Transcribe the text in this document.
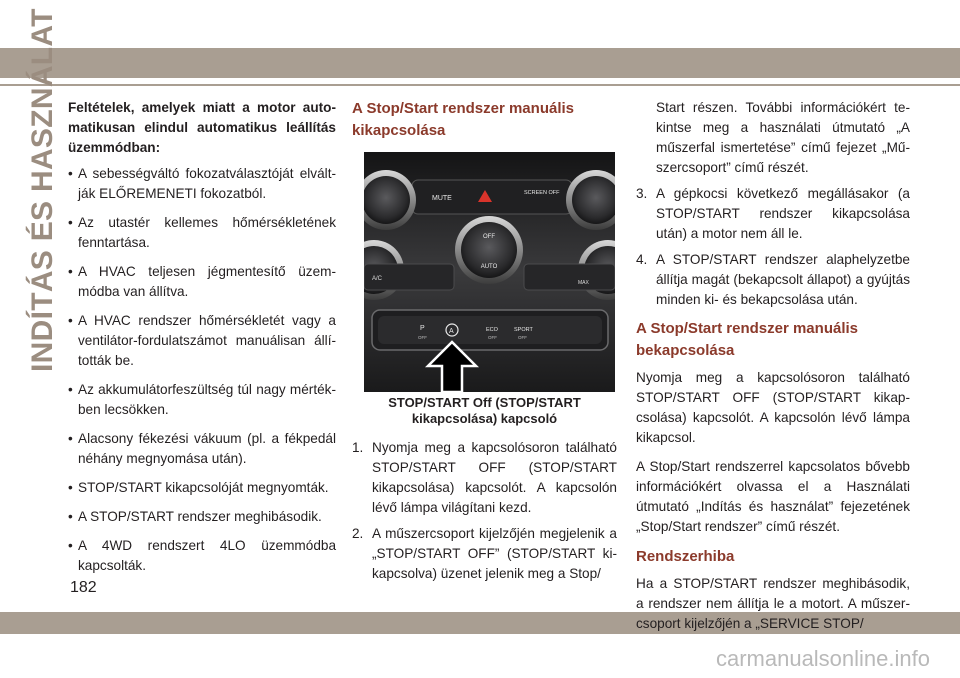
INDÍTÁS ÉS HASZNÁLAT Feltételek, amelyek miatt a motor automatikusan elindul automatikus leállítás üzemmódban:

• A sebességváltó fokozatválasztóját elváltják ELŐREMENETI fokozatból.
• Az utastér kellemes hőmérsékletének fenntartása.
• A HVAC teljesen jégmentesítő üzemmódba van állítva.
• A HVAC rendszer hőmérsékletét vagy a ventilátor-fordulatszámot manuálisan állították be.
• Az akkumulátorfeszültség túl nagy mértékben lecsökken.
• Alacsony fékezési vákuum (pl. a fékpedál néhány megnyomása után).
• STOP/START kikapcsolóját megnyomták.
• A STOP/START rendszer meghibásodik.
• A 4WD rendszert 4LO üzemmódba kapcsolták.
A Stop/Start rendszer manuális kikapcsolása
MUTE
SCREEN OFF
OFF
AUTO
A/C
MAX
P
OFF
A	ECO
OFF
SPORT
OFF

STOP/START Off (STOP/START kikapcsolása) kapcsoló

1. Nyomja meg a kapcsolósoron található STOP/START OFF (STOP/START kikapcsolása) kapcsolót. A kapcsolón lévő lámpa világítani kezd.
2. A műszercsoport kijelzőjén megjelenik a „STOP/START OFF” (STOP/START kikapcsolva) üzenet jelenik meg a Stop/
Start részen. További információkért tekintse meg a használati útmutató „A műszerfal ismertetése” című fejezet „Műszercsoport” című részét.
3. A gépkocsi következő megállásakor (a STOP/START rendszer kikapcsolása után) a motor nem áll le.
4. A STOP/START rendszer alaphelyzetbe állítja magát (bekapcsolt állapot) a gyújtás minden ki- és bekapcsolása után.
A Stop/Start rendszer manuális bekapcsolása

Nyomja meg a kapcsolósoron található STOP/START OFF (STOP/START kikapcsolása) kapcsolót. A kapcsolón lévő lámpa kikapcsol.

A Stop/Start rendszerrel kapcsolatos bővebb információkért olvassa el a Használati útmutató „Indítás és használat” fejezetének „Stop/Start rendszer” című részét.

Rendszerhiba

Ha a STOP/START rendszer meghibásodik, a rendszer nem állítja le a motort. A műszercsoport kijelzőjén a „SERVICE STOP/

182
carmanualsonline.info
